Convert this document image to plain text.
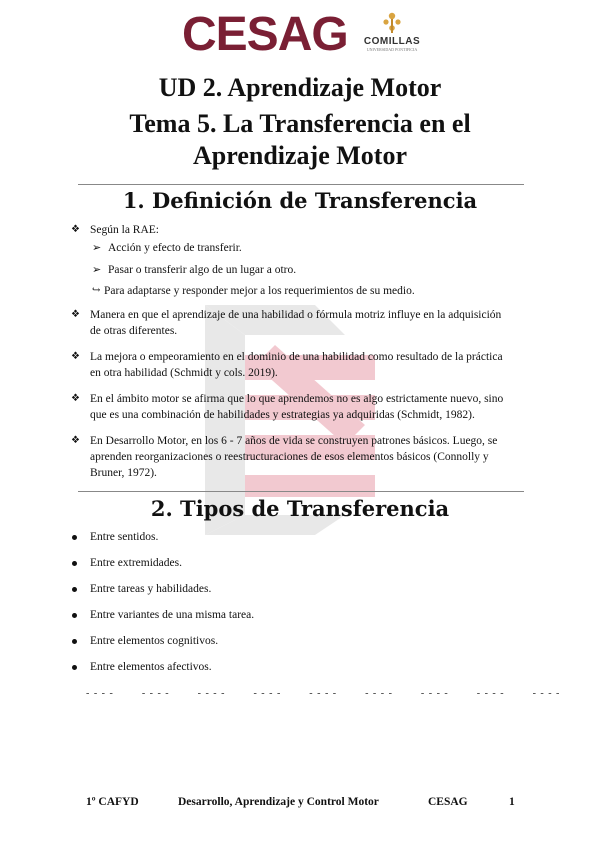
CESAG	COMILLAS
UNIVERSIDAD PONTIFICIA

UD 2. Aprendizaje Motor

Tema 5. La Transferencia en el

Aprendizaje Motor

1. Definición de Transferencia
❖ Según la RAE:
➢ Acción y efecto de transferir.
➢ Pasar o transferir algo de un lugar a otro.
↪ Para adaptarse y responder mejor a los requerimientos de su medio.
❖ Manera en que el aprendizaje de una habilidad o fórmula motriz influye en la adquisición
de otras diferentes.
❖ La mejora o empeoramiento en el dominio de una habilidad como resultado de la práctica
en otra habilidad (Schmidt y cols. 2019).
❖ En el ámbito motor se afirma que lo que aprendemos no es algo estrictamente nuevo, sino
que es una combinación de habilidades y estrategias ya adquiridas (Schmidt, 1982).
❖ En Desarrollo Motor, en los 6 - 7 años de vida se construyen patrones básicos. Luego, se
aprenden reorganizaciones o reestructuraciones de esos elementos básicos (Connolly y
Bruner, 1972).
2. Tipos de Transferencia
Entre sentidos.
Entre extremidades.
Entre tareas y habilidades.
Entre variantes de una misma tarea.
Entre elementos cognitivos.
Entre elementos afectivos.
- - - -        - - - -        - - - -        - - - -        - - - -        - - - -        - - - -        - - - -        - - - -
1º CAFYD	Desarrollo, Aprendizaje y Control Motor	CESAG	1
